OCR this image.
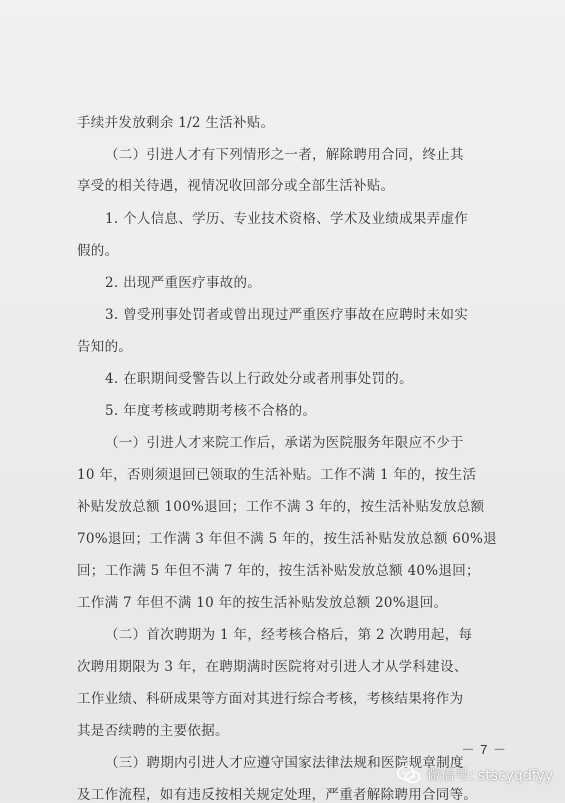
手续并发放剩余 1/2 生活补贴。
（二）引进人才有下列情形之一者，解除聘用合同，终止其
享受的相关待遇，视情况收回部分或全部生活补贴。
1. 个人信息、学历、专业技术资格、学术及业绩成果弄虚作
假的。
2. 出现严重医疗事故的。
3. 曾受刑事处罚者或曾出现过严重医疗事故在应聘时未如实
告知的。
4. 在职期间受警告以上行政处分或者刑事处罚的。
5. 年度考核或聘期考核不合格的。
（一）引进人才来院工作后，承诺为医院服务年限应不少于
10 年，否则须退回已领取的生活补贴。工作不满 1 年的，按生活
补贴发放总额 100%退回；工作不满 3 年的，按生活补贴发放总额
70%退回；工作满 3 年但不满 5 年的，按生活补贴发放总额 60%退
回；工作满 5 年但不满 7 年的，按生活补贴发放总额 40%退回；
工作满 7 年但不满 10 年的按生活补贴发放总额 20%退回。
（二）首次聘期为 1 年，经考核合格后，第 2 次聘用起，每
次聘用期限为 3 年，在聘期满时医院将对引进人才从学科建设、
工作业绩、科研成果等方面对其进行综合考核，考核结果将作为
其是否续聘的主要依据。
（三）聘期内引进人才应遵守国家法律法规和医院规章制度
及工作流程，如有违反按相关规定处理，严重者解除聘用合同等。
－ 7 －
微信号: stscyqdfyy
